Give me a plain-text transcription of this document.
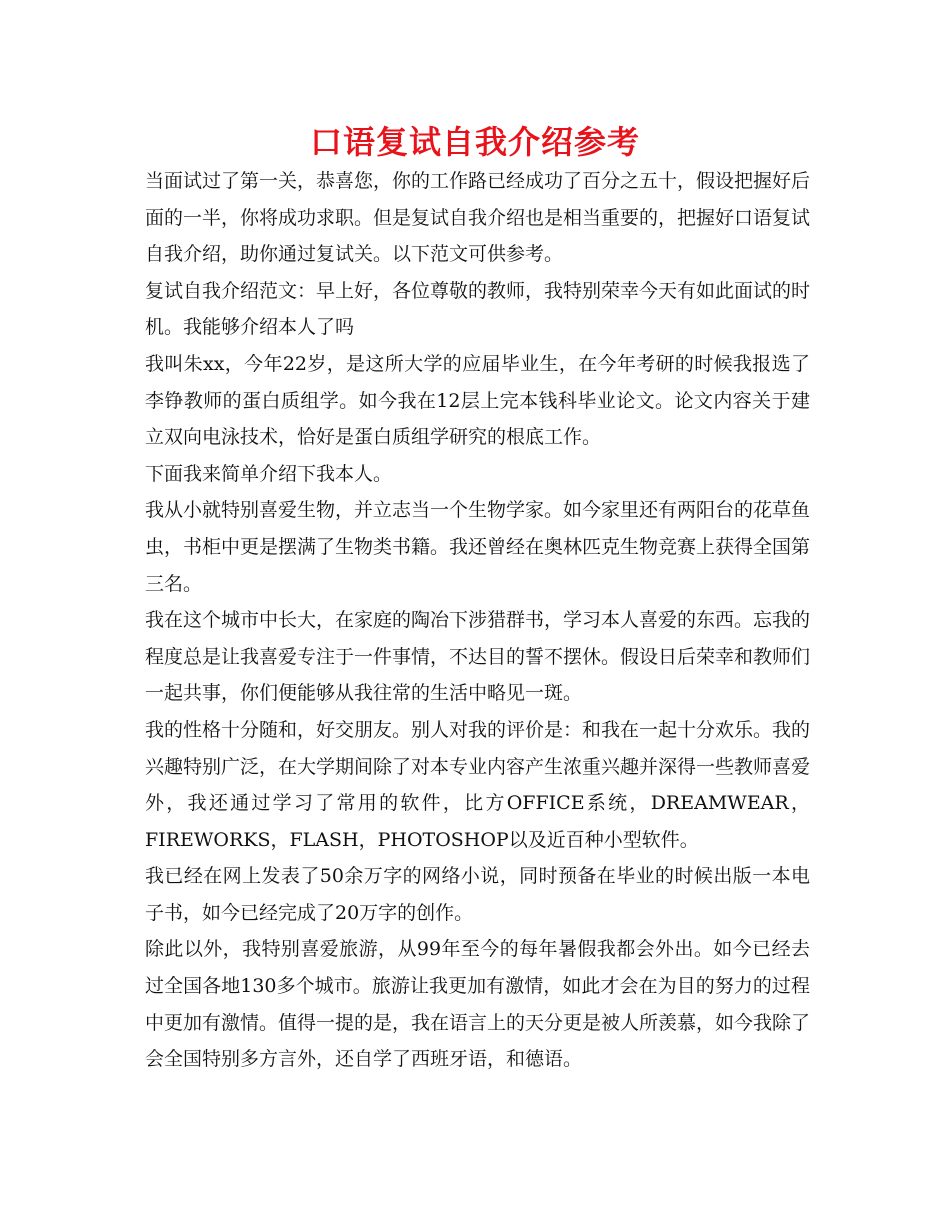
口语复试自我介绍参考

当面试过了第一关，恭喜您，你的工作路已经成功了百分之五十，假设把握好后面的一半，你将成功求职。但是复试自我介绍也是相当重要的，把握好口语复试自我介绍，助你通过复试关。以下范文可供参考。

复试自我介绍范文：早上好，各位尊敬的教师，我特别荣幸今天有如此面试的时机。我能够介绍本人了吗

我叫朱xx，今年22岁，是这所大学的应届毕业生，在今年考研的时候我报选了李铮教师的蛋白质组学。如今我在12层上完本钱科毕业论文。论文内容关于建立双向电泳技术，恰好是蛋白质组学研究的根底工作。

下面我来简单介绍下我本人。

我从小就特别喜爱生物，并立志当一个生物学家。如今家里还有两阳台的花草鱼虫，书柜中更是摆满了生物类书籍。我还曾经在奥林匹克生物竞赛上获得全国第三名。

我在这个城市中长大，在家庭的陶冶下涉猎群书，学习本人喜爱的东西。忘我的程度总是让我喜爱专注于一件事情，不达目的誓不摆休。假设日后荣幸和教师们一起共事，你们便能够从我往常的生活中略见一斑。

我的性格十分随和，好交朋友。别人对我的评价是：和我在一起十分欢乐。我的兴趣特别广泛，在大学期间除了对本专业内容产生浓重兴趣并深得一些教师喜爱外，我还通过学习了常用的软件，比方OFFICE系统，DREAMWEAR，FIREWORKS，FLASH，PHOTOSHOP以及近百种小型软件。

我已经在网上发表了50余万字的网络小说，同时预备在毕业的时候出版一本电子书，如今已经完成了20万字的创作。

除此以外，我特别喜爱旅游，从99年至今的每年暑假我都会外出。如今已经去过全国各地130多个城市。旅游让我更加有激情，如此才会在为目的努力的过程中更加有激情。值得一提的是，我在语言上的天分更是被人所羡慕，如今我除了会全国特别多方言外，还自学了西班牙语，和德语。
